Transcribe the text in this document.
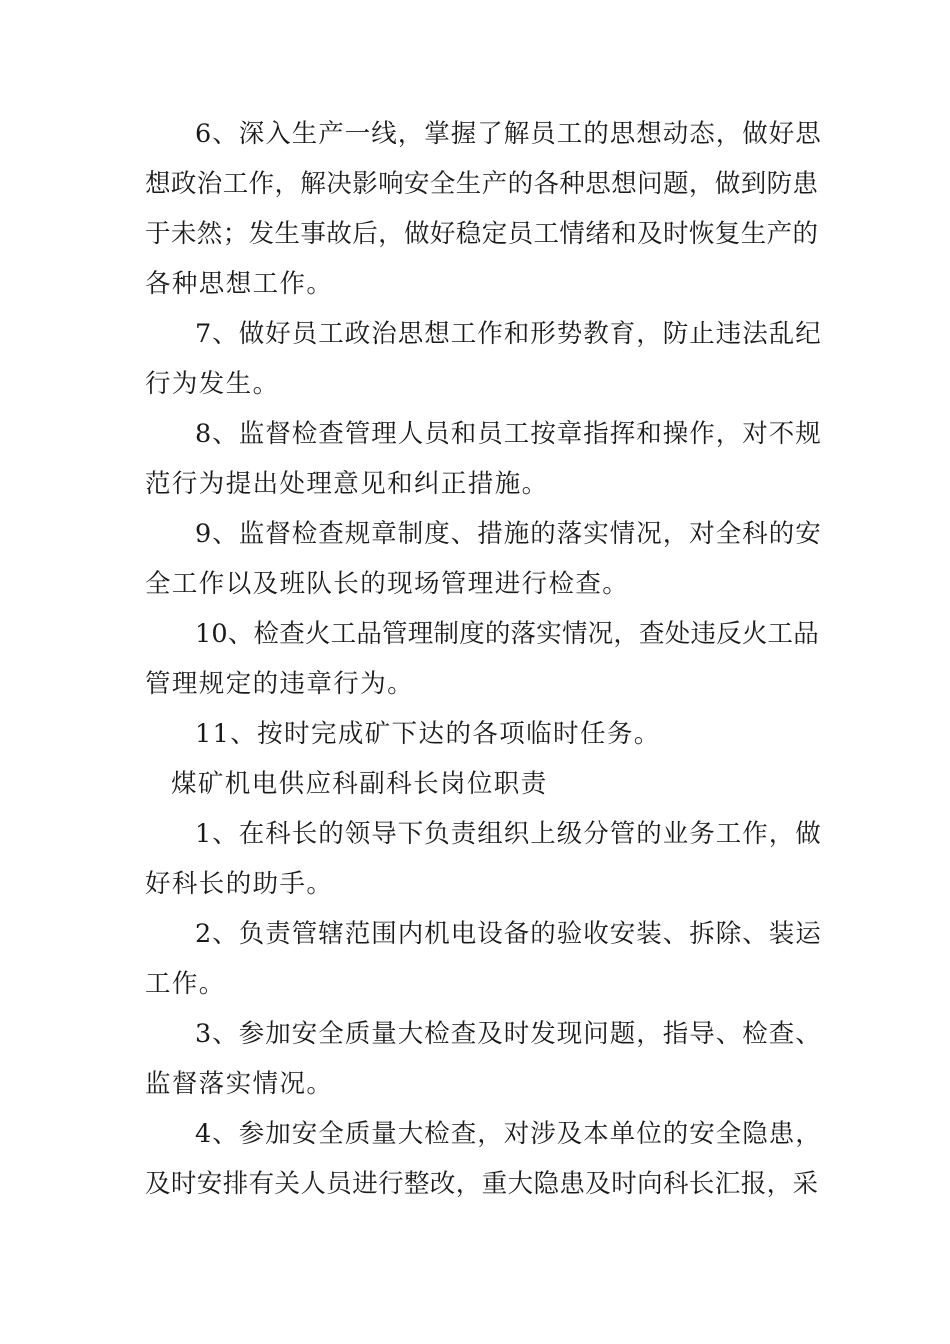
6、深入生产一线，掌握了解员工的思想动态，做好思
想政治工作，解决影响安全生产的各种思想问题，做到防患
于未然；发生事故后，做好稳定员工情绪和及时恢复生产的
各种思想工作。
7、做好员工政治思想工作和形势教育，防止违法乱纪
行为发生。
8、监督检查管理人员和员工按章指挥和操作，对不规
范行为提出处理意见和纠正措施。
9、监督检查规章制度、措施的落实情况，对全科的安
全工作以及班队长的现场管理进行检查。
10、检查火工品管理制度的落实情况，查处违反火工品
管理规定的违章行为。
11、按时完成矿下达的各项临时任务。
煤矿机电供应科副科长岗位职责
1、在科长的领导下负责组织上级分管的业务工作，做
好科长的助手。
2、负责管辖范围内机电设备的验收安装、拆除、装运
工作。
3、参加安全质量大检查及时发现问题，指导、检查、
监督落实情况。
4、参加安全质量大检查，对涉及本单位的安全隐患，
及时安排有关人员进行整改，重大隐患及时向科长汇报，采
